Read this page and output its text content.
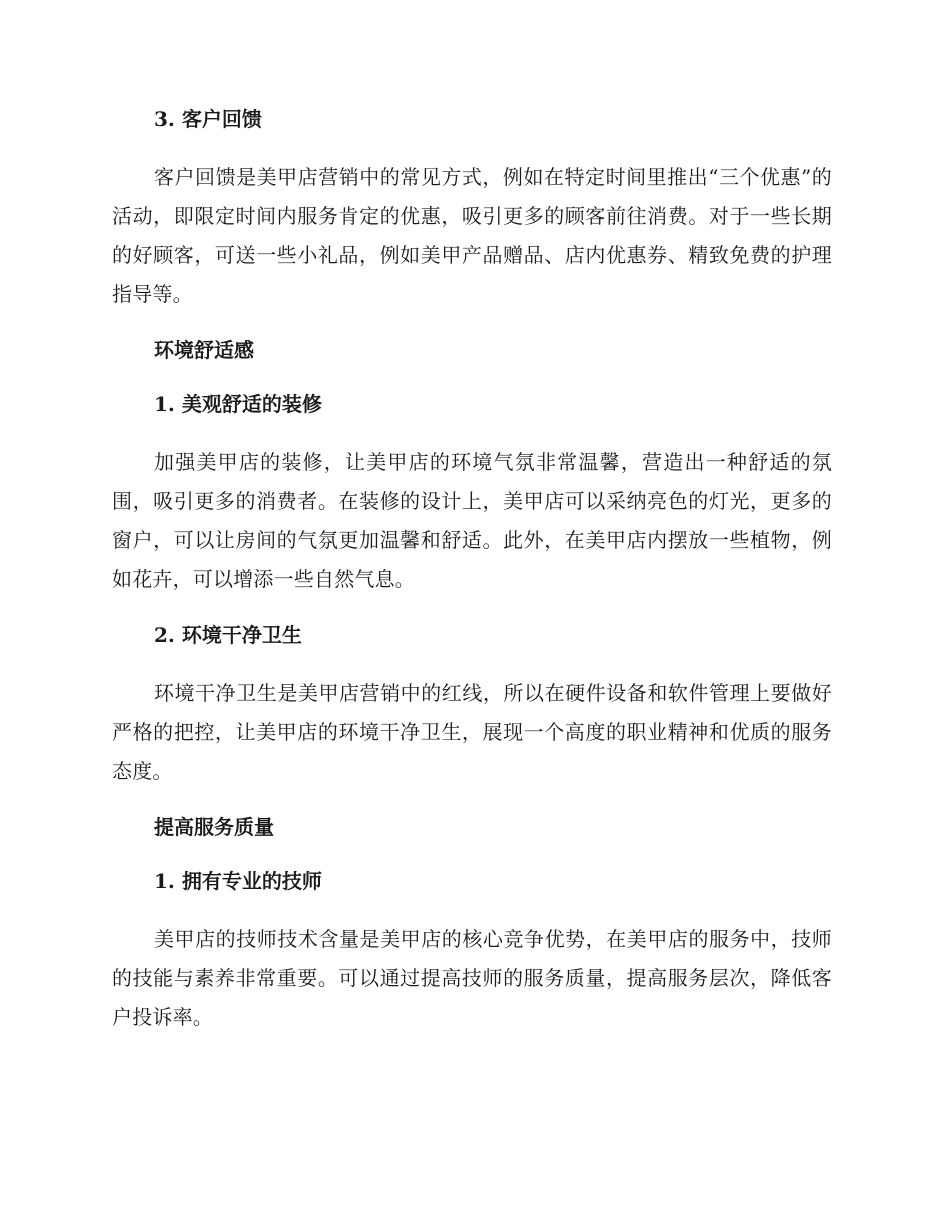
3. 客户回馈

客户回馈是美甲店营销中的常见方式，例如在特定时间里推出“三个优惠”的活动，即限定时间内服务肯定的优惠，吸引更多的顾客前往消费。对于一些长期的好顾客，可送一些小礼品，例如美甲产品赠品、店内优惠券、精致免费的护理指导等。

环境舒适感
1. 美观舒适的装修

加强美甲店的装修，让美甲店的环境气氛非常温馨，营造出一种舒适的氛围，吸引更多的消费者。在装修的设计上，美甲店可以采纳亮色的灯光，更多的窗户，可以让房间的气氛更加温馨和舒适。此外，在美甲店内摆放一些植物，例如花卉，可以增添一些自然气息。

2. 环境干净卫生

环境干净卫生是美甲店营销中的红线，所以在硬件设备和软件管理上要做好严格的把控，让美甲店的环境干净卫生，展现一个高度的职业精神和优质的服务态度。

提高服务质量
1. 拥有专业的技师

美甲店的技师技术含量是美甲店的核心竞争优势，在美甲店的服务中，技师的技能与素养非常重要。可以通过提高技师的服务质量，提高服务层次，降低客户投诉率。
